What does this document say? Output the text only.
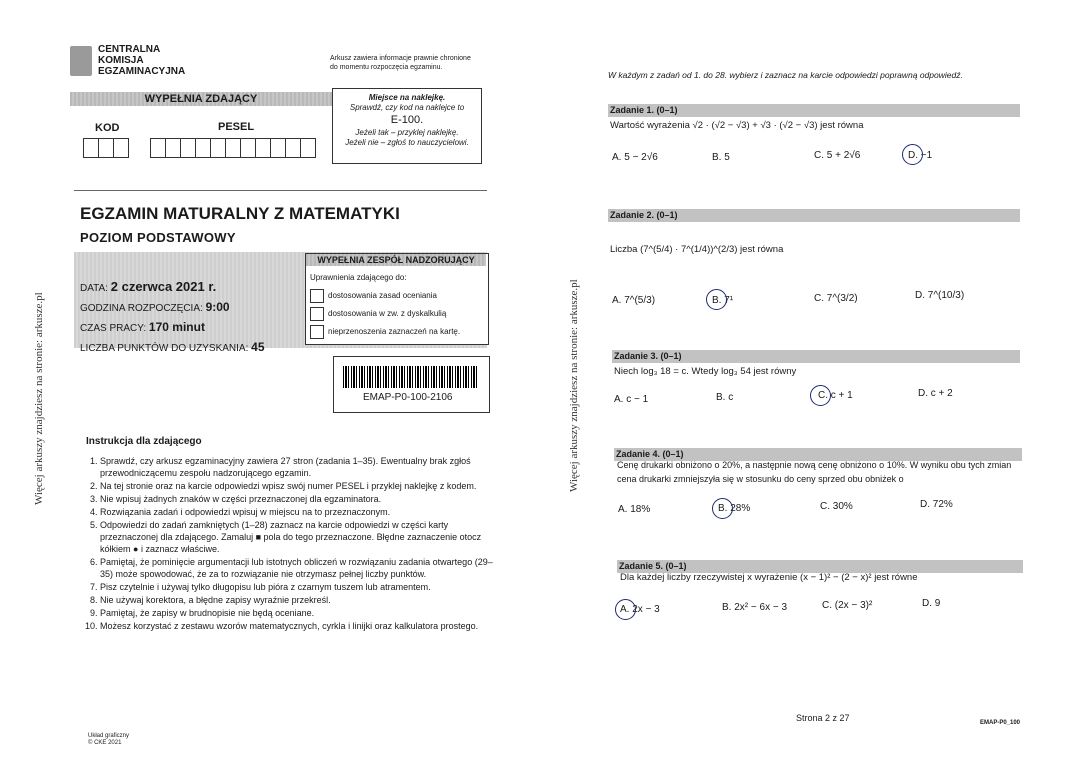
Więcej arkuszy znajdziesz na stronie: arkusze.pl
CENTRALNA
KOMISJA
EGZAMINACYJNA
Arkusz zawiera informacje prawnie chronione
do momentu rozpoczęcia egzaminu.
WYPEŁNIA ZDAJĄCY
KOD	PESEL
Miejsce na naklejkę.
Sprawdź, czy kod na naklejce to
E-100.
Jeżeli tak – przyklej naklejkę.
Jeżeli nie – zgłoś to nauczycielowi.
EGZAMIN MATURALNY Z MATEMATYKI
POZIOM PODSTAWOWY
DATA: 2 czerwca 2021 r.
GODZINA ROZPOCZĘCIA: 9:00
CZAS PRACY: 170 minut
LICZBA PUNKTÓW DO UZYSKANIA: 45
WYPEŁNIA ZESPÓŁ NADZORUJĄCY
Uprawnienia zdającego do:
dostosowania zasad oceniania
dostosowania w zw. z dyskalkulią
nieprzenoszenia zaznaczeń na kartę.
EMAP-P0-100-2106
Instrukcja dla zdającego
1. Sprawdź, czy arkusz egzaminacyjny zawiera 27 stron (zadania 1–35). Ewentualny brak zgłoś przewodniczącemu zespołu nadzorującego egzamin.
2. Na tej stronie oraz na karcie odpowiedzi wpisz swój numer PESEL i przyklej naklejkę z kodem.
3. Nie wpisuj żadnych znaków w części przeznaczonej dla egzaminatora.
4. Rozwiązania zadań i odpowiedzi wpisuj w miejscu na to przeznaczonym.
5. Odpowiedzi do zadań zamkniętych (1–28) zaznacz na karcie odpowiedzi w części karty przeznaczonej dla zdającego. Zamaluj ■ pola do tego przeznaczone. Błędne zaznaczenie otocz kółkiem ● i zaznacz właściwe.
6. Pamiętaj, że pominięcie argumentacji lub istotnych obliczeń w rozwiązaniu zadania otwartego (29–35) może spowodować, że za to rozwiązanie nie otrzymasz pełnej liczby punktów.
7. Pisz czytelnie i używaj tylko długopisu lub pióra z czarnym tuszem lub atramentem.
8. Nie używaj korektora, a błędne zapisy wyraźnie przekreśl.
9. Pamiętaj, że zapisy w brudnopisie nie będą oceniane.
10. Możesz korzystać z zestawu wzorów matematycznych, cyrkla i linijki oraz kalkulatora prostego.
Układ graficzny
© CKE 2021
Więcej arkuszy znajdziesz na stronie: arkusze.pl
W każdym z zadań od 1. do 28. wybierz i zaznacz na karcie odpowiedzi poprawną odpowiedź.
Zadanie 1. (0–1)
Wartość wyrażenia √2 · (√2 − √3) + √3 · (√2 − √3) jest równa
A. 5 − 2√6	B. 5	C. 5 + 2√6	D. −1
Zadanie 2. (0–1)
Liczba (7^(5/4) · 7^(1/4))^(2/3) jest równa
A. 7^(5/3)	B. 7¹	C. 7^(3/2)	D. 7^(10/3)
Zadanie 3. (0–1)
Niech log₃ 18 = c. Wtedy log₃ 54 jest równy
A. c − 1	B. c	C. c + 1	D. c + 2
Zadanie 4. (0–1)
Cenę drukarki obniżono o 20%, a następnie nową cenę obniżono o 10%. W wyniku obu tych zmian cena drukarki zmniejszyła się w stosunku do ceny sprzed obu obniżek o
A. 18%	B. 28%	C. 30%	D. 72%
Zadanie 5. (0–1)
Dla każdej liczby rzeczywistej x wyrażenie (x − 1)² − (2 − x)² jest równe
A. 2x − 3	B. 2x² − 6x − 3	C. (2x − 3)²	D. 9
Strona 2 z 27	EMAP-P0_100
